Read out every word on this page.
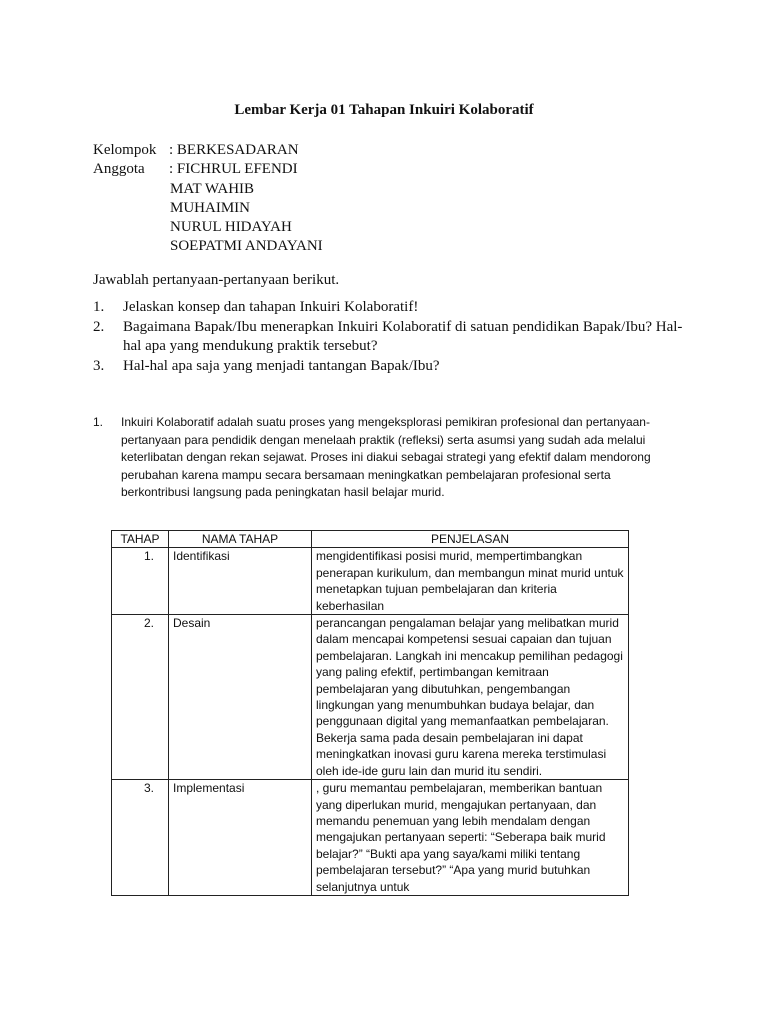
Lembar Kerja 01 Tahapan Inkuiri Kolaboratif
Kelompok : BERKESADARAN
Anggota	: FICHRUL EFENDI
MAT WAHIB
MUHAIMIN
NURUL HIDAYAH
SOEPATMI ANDAYANI
Jawablah pertanyaan-pertanyaan berikut.
1.	Jelaskan konsep dan tahapan Inkuiri Kolaboratif!
2.	Bagaimana Bapak/Ibu menerapkan Inkuiri Kolaboratif di satuan pendidikan Bapak/Ibu? Hal-hal apa yang mendukung praktik tersebut?
3.	Hal-hal apa saja yang menjadi tantangan Bapak/Ibu?
1.	Inkuiri Kolaboratif adalah suatu proses yang mengeksplorasi pemikiran profesional dan pertanyaan-pertanyaan para pendidik dengan menelaah praktik (refleksi) serta asumsi yang sudah ada melalui keterlibatan dengan rekan sejawat. Proses ini diakui sebagai strategi yang efektif dalam mendorong perubahan karena mampu secara bersamaan meningkatkan pembelajaran profesional serta berkontribusi langsung pada peningkatan hasil belajar murid.
TAHAP	NAMA TAHAP	PENJELASAN
1.	Identifikasi	mengidentifikasi posisi murid, mempertimbangkan penerapan kurikulum, dan membangun minat murid untuk menetapkan tujuan pembelajaran dan kriteria keberhasilan
2.	Desain	perancangan pengalaman belajar yang melibatkan murid dalam mencapai kompetensi sesuai capaian dan tujuan pembelajaran. Langkah ini mencakup pemilihan pedagogi yang paling efektif, pertimbangan kemitraan pembelajaran yang dibutuhkan, pengembangan lingkungan yang menumbuhkan budaya belajar, dan penggunaan digital yang memanfaatkan pembelajaran. Bekerja sama pada desain pembelajaran ini dapat meningkatkan inovasi guru karena mereka terstimulasi oleh ide-ide guru lain dan murid itu sendiri.
3.	Implementasi	, guru memantau pembelajaran, memberikan bantuan yang diperlukan murid, mengajukan pertanyaan, dan memandu penemuan yang lebih mendalam dengan mengajukan pertanyaan seperti: “Seberapa baik murid belajar?” “Bukti apa yang saya/kami miliki tentang pembelajaran tersebut?” “Apa yang murid butuhkan selanjutnya untuk
